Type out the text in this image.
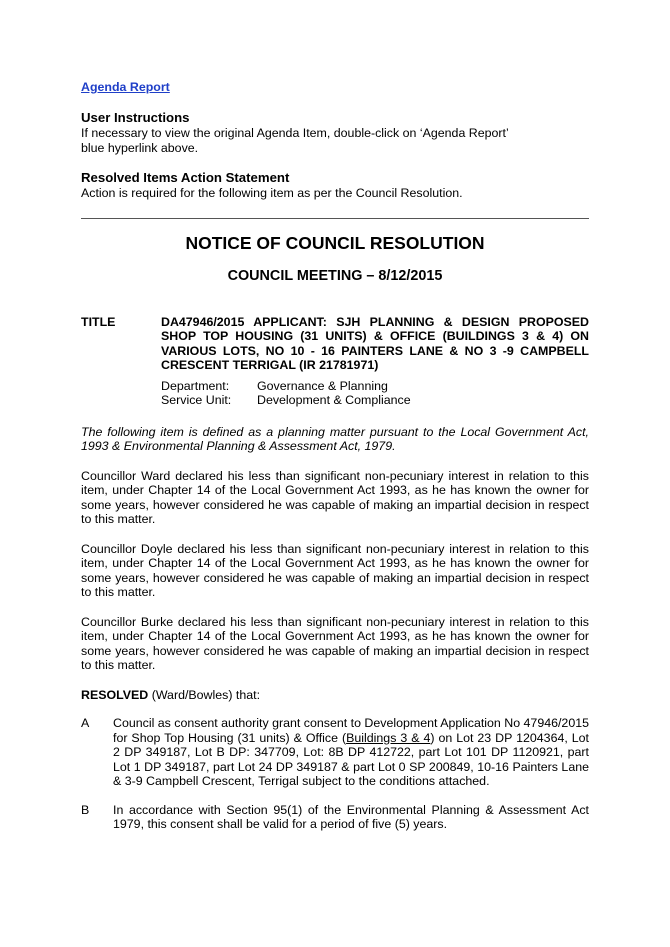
Agenda Report

User Instructions

If necessary to view the original Agenda Item, double-click on ‘Agenda Report’

blue hyperlink above.

Resolved Items Action Statement

Action is required for the following item as per the Council Resolution.

NOTICE OF COUNCIL RESOLUTION

COUNCIL MEETING – 8/12/2015

TITLE	DA47946/2015 APPLICANT: SJH PLANNING & DESIGN PROPOSED SHOP TOP HOUSING (31 UNITS) & OFFICE (BUILDINGS 3 & 4) ON VARIOUS LOTS, NO 10 - 16 PAINTERS LANE & NO 3 -9 CAMPBELL CRESCENT TERRIGAL (IR 21781971)
Department:	Governance & Planning
Service Unit:	Development & Compliance

The following item is defined as a planning matter pursuant to the Local Government Act, 1993 & Environmental Planning & Assessment Act, 1979.

Councillor Ward declared his less than significant non-pecuniary interest in relation to this item, under Chapter 14 of the Local Government Act 1993, as he has known the owner for some years, however considered he was capable of making an impartial decision in respect to this matter.

Councillor Doyle declared his less than significant non-pecuniary interest in relation to this item, under Chapter 14 of the Local Government Act 1993, as he has known the owner for some years, however considered he was capable of making an impartial decision in respect to this matter.

Councillor Burke declared his less than significant non-pecuniary interest in relation to this item, under Chapter 14 of the Local Government Act 1993, as he has known the owner for some years, however considered he was capable of making an impartial decision in respect to this matter.

RESOLVED (Ward/Bowles) that:

A	Council as consent authority grant consent to Development Application No 47946/2015 for Shop Top Housing (31 units) & Office (Buildings 3 & 4) on Lot 23 DP 1204364, Lot 2 DP 349187, Lot B DP: 347709, Lot: 8B DP 412722, part Lot 101 DP 1120921, part Lot 1 DP 349187, part Lot 24 DP 349187 & part Lot 0 SP 200849, 10-16 Painters Lane & 3-9 Campbell Crescent, Terrigal subject to the conditions attached.
B	In accordance with Section 95(1) of the Environmental Planning & Assessment Act 1979, this consent shall be valid for a period of five (5) years.
